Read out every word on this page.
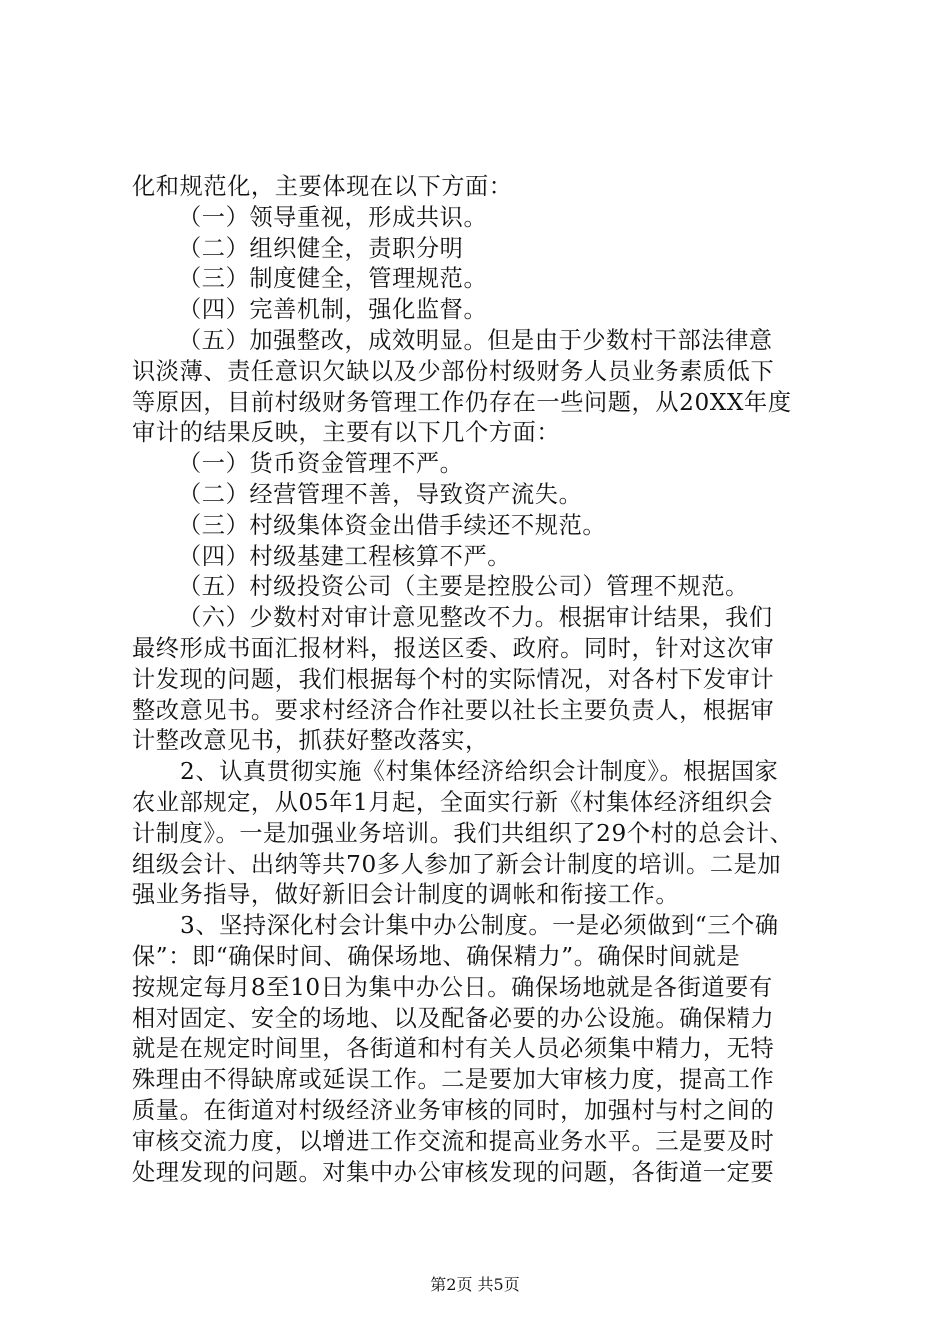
化和规范化，主要体现在以下方面：
（一）领导重视，形成共识。
（二）组织健全，责职分明
（三）制度健全，管理规范。
（四）完善机制，强化监督。
（五）加强整改，成效明显。但是由于少数村干部法律意
识淡薄、责任意识欠缺以及少部份村级财务人员业务素质低下
等原因，目前村级财务管理工作仍存在一些问题，从20XX年度
审计的结果反映，主要有以下几个方面：
（一）货币资金管理不严。
（二）经营管理不善，导致资产流失。
（三）村级集体资金出借手续还不规范。
（四）村级基建工程核算不严。
（五）村级投资公司（主要是控股公司）管理不规范。
（六）少数村对审计意见整改不力。根据审计结果，我们
最终形成书面汇报材料，报送区委、政府。同时，针对这次审
计发现的问题，我们根据每个村的实际情况，对各村下发审计
整改意见书。要求村经济合作社要以社长主要负责人，根据审
计整改意见书，抓获好整改落实，
2、认真贯彻实施《村集体经济给织会计制度》。根据国家
农业部规定，从05年1月起，全面实行新《村集体经济组织会
计制度》。一是加强业务培训。我们共组织了29个村的总会计、
组级会计、出纳等共70多人参加了新会计制度的培训。二是加
强业务指导，做好新旧会计制度的调帐和衔接工作。
3、坚持深化村会计集中办公制度。一是必须做到“三个确
保”：即“确保时间、确保场地、确保精力”。确保时间就是
按规定每月8至10日为集中办公日。确保场地就是各街道要有
相对固定、安全的场地、以及配备必要的办公设施。确保精力
就是在规定时间里，各街道和村有关人员必须集中精力，无特
殊理由不得缺席或延误工作。二是要加大审核力度，提高工作
质量。在街道对村级经济业务审核的同时，加强村与村之间的
审核交流力度，以增进工作交流和提高业务水平。三是要及时
处理发现的问题。对集中办公审核发现的问题，各街道一定要
第2页 共5页
